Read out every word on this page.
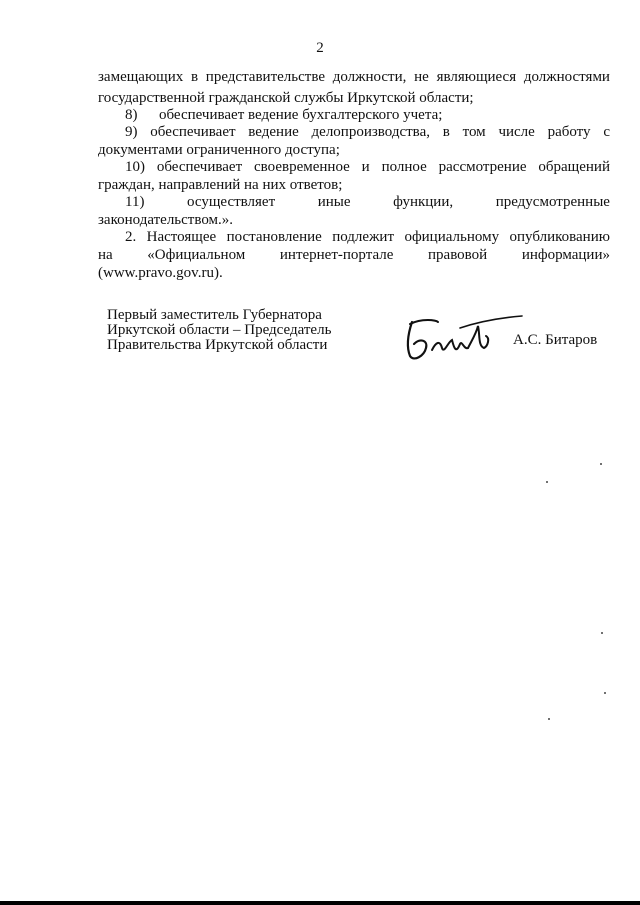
2
замещающих в представительстве должности, не являющиеся должностями
государственной гражданской службы Иркутской области;
8) обеспечивает ведение бухгалтерского учета;
9) обеспечивает ведение делопроизводства, в том числе работу с
документами ограниченного доступа;
10) обеспечивает своевременное и полное рассмотрение обращений
граждан, направлений на них ответов;
11)	осуществляет	иные	функции,	предусмотренные
законодательством.».
2. Настоящее постановление подлежит официальному опубликованию
на «Официальном интернет-портале правовой информации»
(www.pravo.gov.ru).
Первый заместитель Губернатора
Иркутской области – Председатель
Правительства Иркутской области	А.С. Битаров
